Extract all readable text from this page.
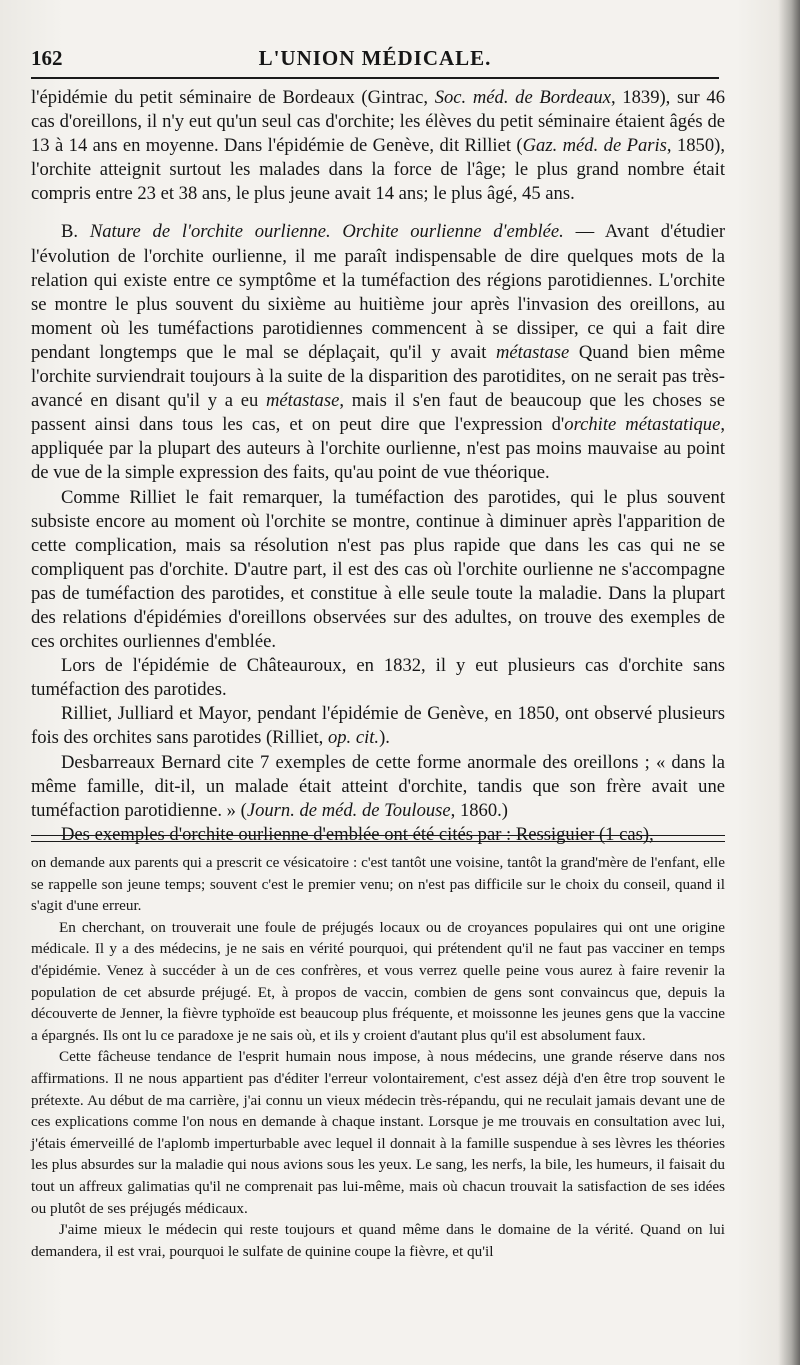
162	L'UNION MÉDICALE.

l'épidémie du petit séminaire de Bordeaux (Gintrac, Soc. méd. de Bordeaux, 1839), sur 46 cas d'oreillons, il n'y eut qu'un seul cas d'orchite; les élèves du petit séminaire étaient âgés de 13 à 14 ans en moyenne. Dans l'épidémie de Genève, dit Rilliet (Gaz. méd. de Paris, 1850), l'orchite atteignit surtout les malades dans la force de l'âge; le plus grand nombre était compris entre 23 et 38 ans, le plus jeune avait 14 ans; le plus âgé, 45 ans.

B. Nature de l'orchite ourlienne. Orchite ourlienne d'emblée. — Avant d'étudier l'évolution de l'orchite ourlienne, il me paraît indispensable de dire quelques mots de la relation qui existe entre ce symptôme et la tuméfaction des régions parotidiennes. L'orchite se montre le plus souvent du sixième au huitième jour après l'invasion des oreillons, au moment où les tuméfactions parotidiennes commencent à se dissiper, ce qui a fait dire pendant longtemps que le mal se déplaçait, qu'il y avait métastase Quand bien même l'orchite surviendrait toujours à la suite de la disparition des parotidites, on ne serait pas très-avancé en disant qu'il y a eu métastase, mais il s'en faut de beaucoup que les choses se passent ainsi dans tous les cas, et on peut dire que l'expression d'orchite métastatique, appliquée par la plupart des auteurs à l'orchite ourlienne, n'est pas moins mauvaise au point de vue de la simple expression des faits, qu'au point de vue théorique.

Comme Rilliet le fait remarquer, la tuméfaction des parotides, qui le plus souvent subsiste encore au moment où l'orchite se montre, continue à diminuer après l'apparition de cette complication, mais sa résolution n'est pas plus rapide que dans les cas qui ne se compliquent pas d'orchite. D'autre part, il est des cas où l'orchite ourlienne ne s'accompagne pas de tuméfaction des parotides, et constitue à elle seule toute la maladie. Dans la plupart des relations d'épidémies d'oreillons observées sur des adultes, on trouve des exemples de ces orchites ourliennes d'emblée.

Lors de l'épidémie de Châteauroux, en 1832, il y eut plusieurs cas d'orchite sans tuméfaction des parotides.

Rilliet, Julliard et Mayor, pendant l'épidémie de Genève, en 1850, ont observé plusieurs fois des orchites sans parotides (Rilliet, op. cit.).

Desbarreaux Bernard cite 7 exemples de cette forme anormale des oreillons ; « dans la même famille, dit-il, un malade était atteint d'orchite, tandis que son frère avait une tuméfaction parotidienne. » (Journ. de méd. de Toulouse, 1860.)

Des exemples d'orchite ourlienne d'emblée ont été cités par : Ressiguier (1 cas),

on demande aux parents qui a prescrit ce vésicatoire : c'est tantôt une voisine, tantôt la grand'mère de l'enfant, elle se rappelle son jeune temps; souvent c'est le premier venu; on n'est pas difficile sur le choix du conseil, quand il s'agit d'une erreur.

En cherchant, on trouverait une foule de préjugés locaux ou de croyances populaires qui ont une origine médicale. Il y a des médecins, je ne sais en vérité pourquoi, qui prétendent qu'il ne faut pas vacciner en temps d'épidémie. Venez à succéder à un de ces confrères, et vous verrez quelle peine vous aurez à faire revenir la population de cet absurde préjugé. Et, à propos de vaccin, combien de gens sont convaincus que, depuis la découverte de Jenner, la fièvre typhoïde est beaucoup plus fréquente, et moissonne les jeunes gens que la vaccine a épargnés. Ils ont lu ce paradoxe je ne sais où, et ils y croient d'autant plus qu'il est absolument faux.

Cette fâcheuse tendance de l'esprit humain nous impose, à nous médecins, une grande réserve dans nos affirmations. Il ne nous appartient pas d'éditer l'erreur volontairement, c'est assez déjà d'en être trop souvent le prétexte. Au début de ma carrière, j'ai connu un vieux médecin très-répandu, qui ne reculait jamais devant une de ces explications comme l'on nous en demande à chaque instant. Lorsque je me trouvais en consultation avec lui, j'étais émerveillé de l'aplomb imperturbable avec lequel il donnait à la famille suspendue à ses lèvres les théories les plus absurdes sur la maladie qui nous avions sous les yeux. Le sang, les nerfs, la bile, les humeurs, il faisait du tout un affreux galimatias qu'il ne comprenait pas lui-même, mais où chacun trouvait la satisfaction de ses idées ou plutôt de ses préjugés médicaux.

J'aime mieux le médecin qui reste toujours et quand même dans le domaine de la vérité. Quand on lui demandera, il est vrai, pourquoi le sulfate de quinine coupe la fièvre, et qu'il
